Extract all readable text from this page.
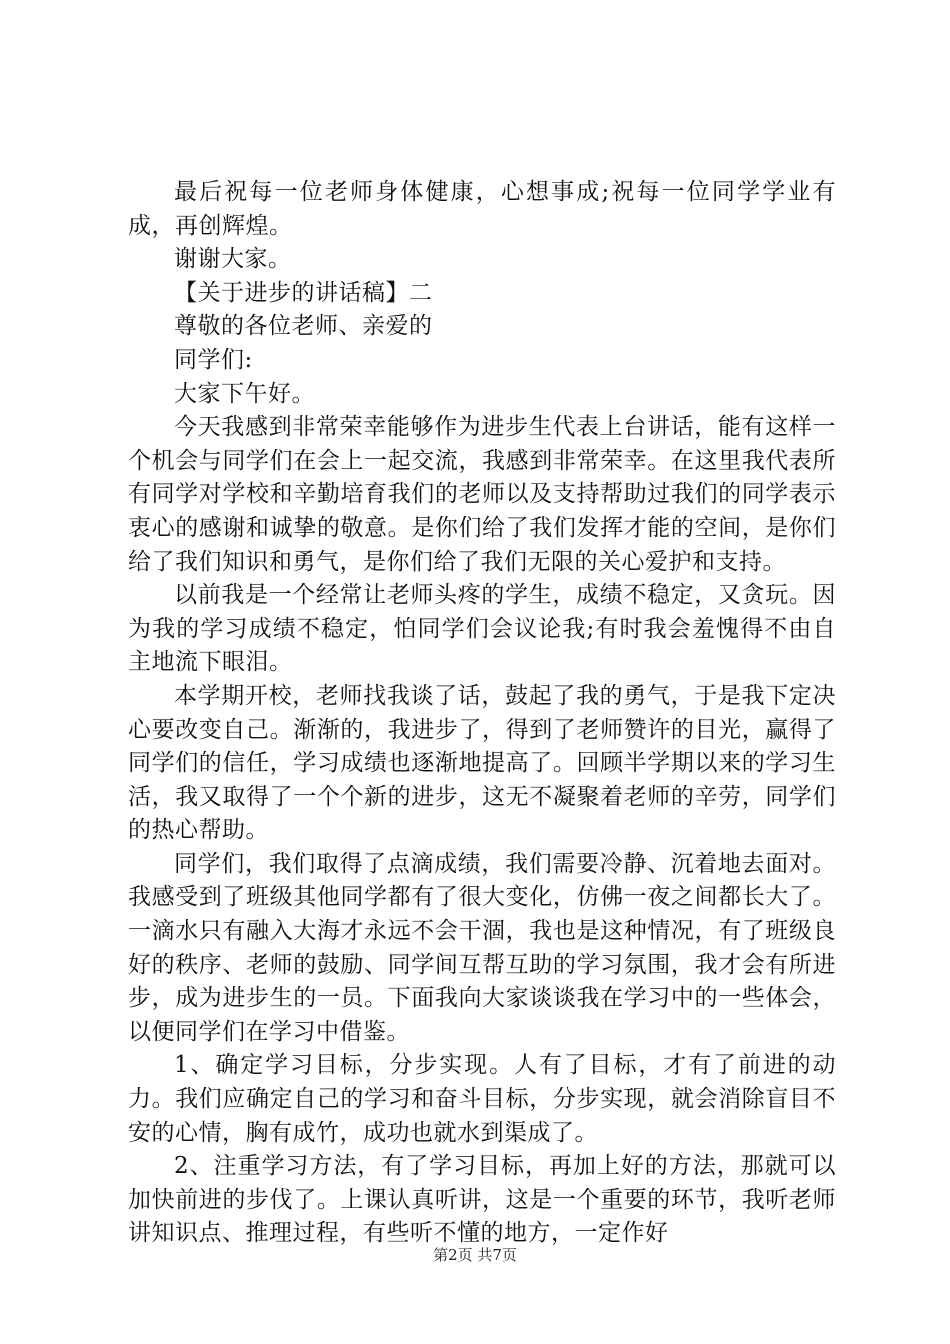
最后祝每一位老师身体健康，心想事成;祝每一位同学学业有成，再创辉煌。

谢谢大家。

【关于进步的讲话稿】二

尊敬的各位老师、亲爱的

同学们:

大家下午好。

今天我感到非常荣幸能够作为进步生代表上台讲话，能有这样一个机会与同学们在会上一起交流，我感到非常荣幸。在这里我代表所有同学对学校和辛勤培育我们的老师以及支持帮助过我们的同学表示衷心的感谢和诚挚的敬意。是你们给了我们发挥才能的空间，是你们给了我们知识和勇气，是你们给了我们无限的关心爱护和支持。

以前我是一个经常让老师头疼的学生，成绩不稳定，又贪玩。因为我的学习成绩不稳定，怕同学们会议论我;有时我会羞愧得不由自主地流下眼泪。

本学期开校，老师找我谈了话，鼓起了我的勇气，于是我下定决心要改变自己。渐渐的，我进步了，得到了老师赞许的目光，赢得了同学们的信任，学习成绩也逐渐地提高了。回顾半学期以来的学习生活，我又取得了一个个新的进步，这无不凝聚着老师的辛劳，同学们的热心帮助。

同学们，我们取得了点滴成绩，我们需要冷静、沉着地去面对。我感受到了班级其他同学都有了很大变化，仿佛一夜之间都长大了。一滴水只有融入大海才永远不会干涸，我也是这种情况，有了班级良好的秩序、老师的鼓励、同学间互帮互助的学习氛围，我才会有所进步，成为进步生的一员。下面我向大家谈谈我在学习中的一些体会，以便同学们在学习中借鉴。

1、确定学习目标，分步实现。人有了目标，才有了前进的动力。我们应确定自己的学习和奋斗目标，分步实现，就会消除盲目不安的心情，胸有成竹，成功也就水到渠成了。

2、注重学习方法，有了学习目标，再加上好的方法，那就可以加快前进的步伐了。上课认真听讲，这是一个重要的环节，我听老师讲知识点、推理过程，有些听不懂的地方，一定作好

第2页 共7页
